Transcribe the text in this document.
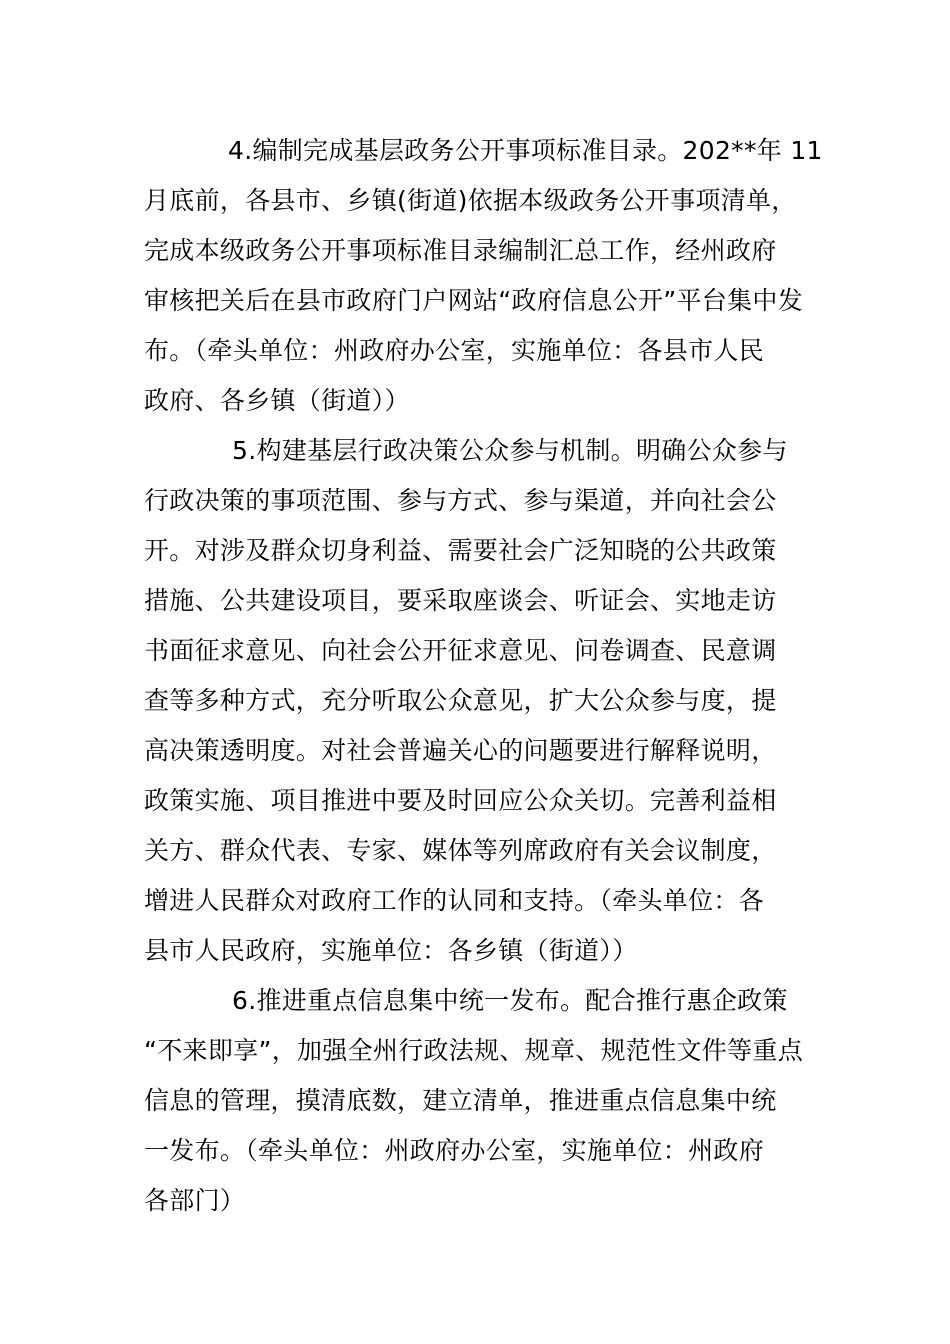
4.编制完成基层政务公开事项标准目录。202**年 11
月底前，各县市、乡镇(街道)依据本级政务公开事项清单，
完成本级政务公开事项标准目录编制汇总工作，经州政府
审核把关后在县市政府门户网站“政府信息公开”平台集中发
布。（牵头单位：州政府办公室，实施单位：各县市人民
政府、各乡镇（街道））
5.构建基层行政决策公众参与机制。明确公众参与
行政决策的事项范围、参与方式、参与渠道，并向社会公
开。对涉及群众切身利益、需要社会广泛知晓的公共政策
措施、公共建设项目，要采取座谈会、听证会、实地走访
书面征求意见、向社会公开征求意见、问卷调查、民意调
查等多种方式，充分听取公众意见，扩大公众参与度，提
高决策透明度。对社会普遍关心的问题要进行解释说明，
政策实施、项目推进中要及时回应公众关切。完善利益相
关方、群众代表、专家、媒体等列席政府有关会议制度，
增进人民群众对政府工作的认同和支持。（牵头单位：各
县市人民政府，实施单位：各乡镇（街道））
6.推进重点信息集中统一发布。配合推行惠企政策
“不来即享”，加强全州行政法规、规章、规范性文件等重点
信息的管理，摸清底数，建立清单，推进重点信息集中统
一发布。（牵头单位：州政府办公室，实施单位：州政府
各部门）
